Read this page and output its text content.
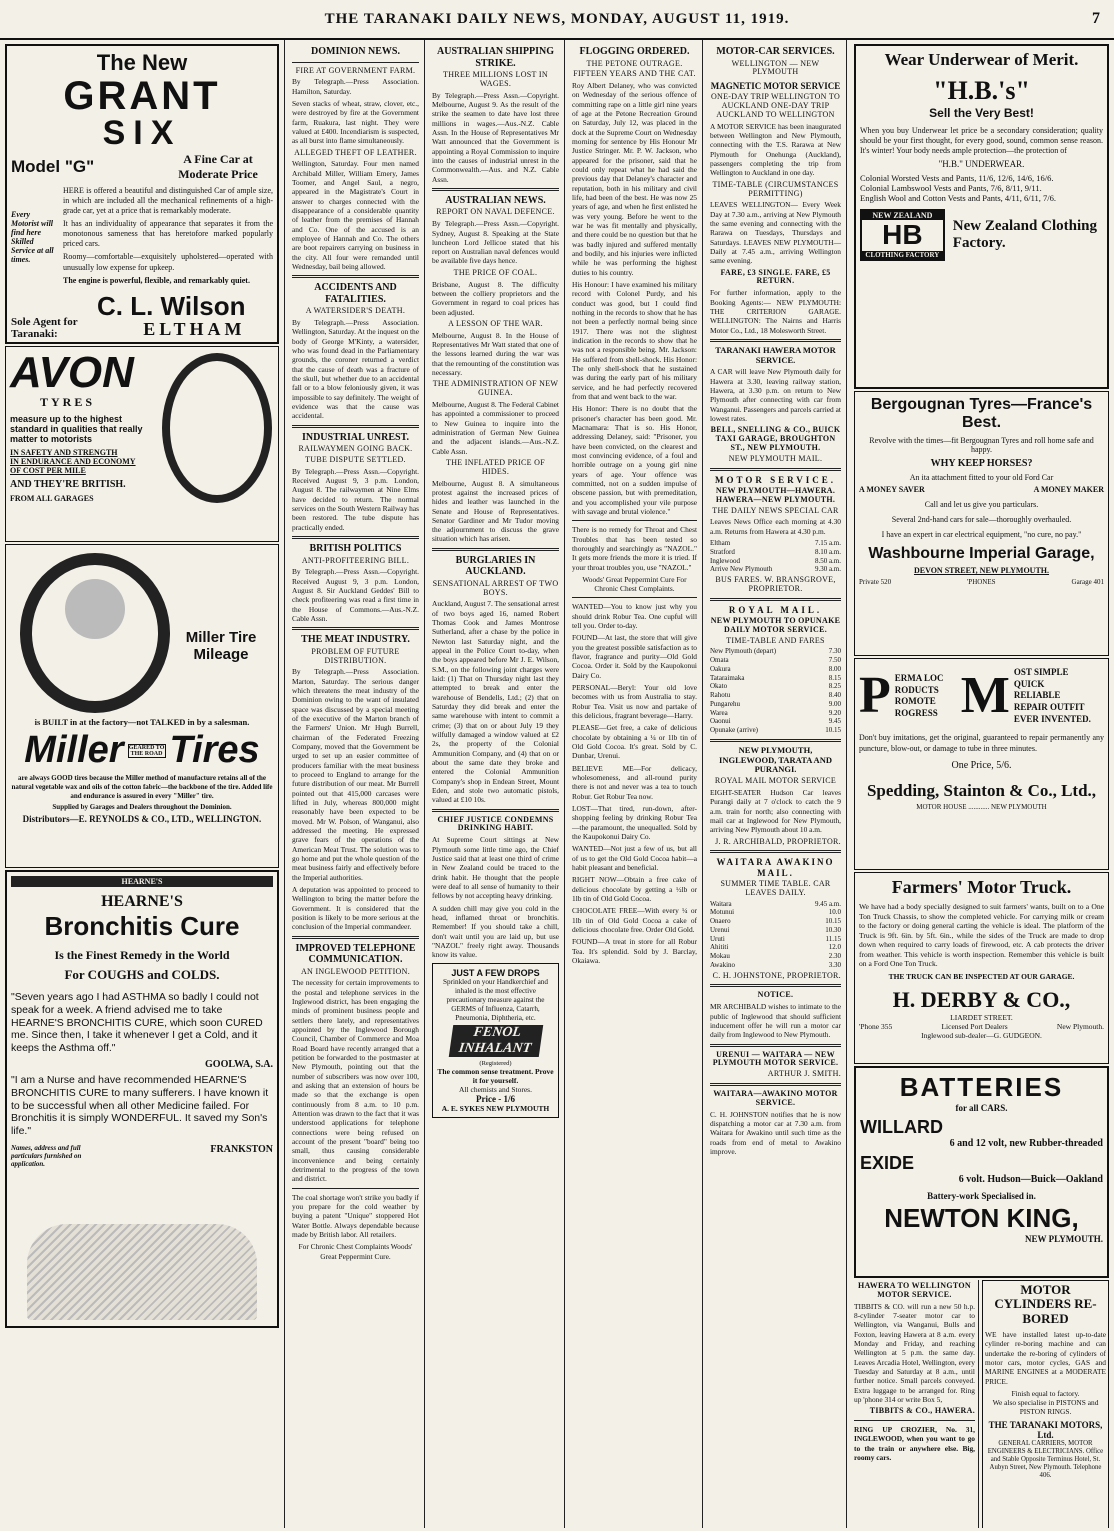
THE TARANAKI DAILY NEWS, MONDAY, AUGUST 11, 1919.	7
The New
GRANT
SIX
Model "G"	A Fine Car at Moderate Price
Every Motorist will find here Skilled Service at all times.
HERE is offered a beautiful and distinguished Car of ample size, in which are included all the mechanical refinements of a high-grade car, yet at a price that is remarkably moderate.
It has an individuality of appearance that separates it from the monotonous sameness that has heretofore marked popularly priced cars.
Roomy—comfortable—exquisitely upholstered—operated with unusually low expense for upkeep.
The engine is powerful, flexible, and remarkably quiet.
Sole Agent for Taranaki:
C. L. Wilson
ELTHAM
AVON
TYRES
measure up to the highest standard in qualities that really matter to motorists
IN SAFETY AND STRENGTH
IN ENDURANCE AND ECONOMY
OF COST PER MILE
AND THEY'RE BRITISH.
FROM ALL GARAGES
Miller Tire Mileage
is BUILT in at the factory—not TALKED in by a salesman.
Miller GEARED TO THE ROAD Tires
are always GOOD tires because the Miller method of manufacture retains all of the natural vegetable wax and oils of the cotton fabric—the backbone of the tire. Added life and endurance is assured in every "Miller" tire.
Supplied by Garages and Dealers throughout the Dominion.
Distributors—E. REYNOLDS & CO., LTD., WELLINGTON.
HEARNE'S
HEARNE'S
Bronchitis Cure
Is the Finest Remedy in the World
For COUGHS and COLDS.
"Seven years ago I had ASTHMA so badly I could not speak for a week. A friend advised me to take HEARNE'S BRONCHITIS CURE, which soon CURED me. Since then, I take it whenever I get a Cold, and it keeps the Asthma off."
GOOLWA, S.A.
"I am a Nurse and have recommended HEARNE'S BRONCHITIS CURE to many sufferers. I have known it to be successful when all other Medicine failed. For Bronchitis it is simply WONDERFUL. It saved my Son's life."
Names, address and full particulars furnished on application.
FRANKSTON
DOMINION NEWS.
FIRE AT GOVERNMENT FARM.
By Telegraph.—Press Association. Hamilton, Saturday.
Seven stacks of wheat, straw, clover, etc., were destroyed by fire at the Government farm, Ruakura, last night. They were valued at £400. Incendiarism is suspected, as all burst into flame simultaneously.
ALLEGED THEFT OF LEATHER.
Wellington, Saturday. Four men named Archibald Miller, William Emery, James Toomer, and Angel Saul, a negro, appeared in the Magistrate's Court in answer to charges connected with the disappearance of a considerable quantity of leather from the premises of Hannah and Co. One of the accused is an employee of Hannah and Co. The others are boot repairers carrying on business in the city. All four were remanded until Wednesday, bail being allowed.
ACCIDENTS AND FATALITIES.
A WATERSIDER'S DEATH.
By Telegraph.—Press Association. Wellington, Saturday. At the inquest on the body of George M'Kinty, a watersider, who was found dead in the Parliamentary grounds, the coroner returned a verdict that the cause of death was a fracture of the skull, but whether due to an accidental fall or to a blow feloniously given, it was impossible to say definitely. The weight of evidence was that the cause was accidental.
INDUSTRIAL UNREST.
RAILWAYMEN GOING BACK.
TUBE DISPUTE SETTLED.
By Telegraph.—Press Assn.—Copyright. Received August 9, 3 p.m. London, August 8. The railwaymen at Nine Elms have decided to return. The normal services on the South Western Railway has been restored. The tube dispute has practically ended.
BRITISH POLITICS
ANTI-PROFITEERING BILL.
By Telegraph.—Press Assn.—Copyright. Received August 9, 3 p.m. London, August 8. Sir Auckland Geddes' Bill to check profiteering was read a first time in the House of Commons.—Aus.-N.Z. Cable Assn.
THE MEAT INDUSTRY.
PROBLEM OF FUTURE DISTRIBUTION.
By Telegraph.—Press Association. Marton, Saturday. The serious danger which threatens the meat industry of the Dominion owing to the want of insulated space was discussed by a special meeting of the executive of the Marton branch of the Farmers' Union. Mr Hugh Burrell, chairman of the Federated Freezing Company, moved that the Government be urged to set up an easier committee of producers familiar with the meat business to proceed to England to arrange for the future distribution of our meat. Mr Burrell pointed out that 415,000 carcases were lifted in July, whereas 800,000 might reasonably have been expected to be moved. Mr W. Polson, of Wanganui, also addressed the meeting. He expressed grave fears of the operations of the American Meat Trust. The solution was to go home and put the whole question of the meat business fairly and effectively before the Imperial authorities.
A deputation was appointed to proceed to Wellington to bring the matter before the Government. It is considered that the position is likely to be more serious at the conclusion of the Imperial commandeer.
IMPROVED TELEPHONE COMMUNICATION.
AN INGLEWOOD PETITION.
The necessity for certain improvements to the postal and telephone services in the Inglewood district, has been engaging the minds of prominent business people and settlers there lately, and representatives appointed by the Inglewood Borough Council, Chamber of Commerce and Moa Road Board have recently arranged that a petition be forwarded to the postmaster at New Plymouth, pointing out that the number of subscribers was now over 100, and asking that an extension of hours be made so that the exchange is open continuously from 8 a.m. to 10 p.m. Attention was drawn to the fact that it was understood applications for telephone connections were being refused on account of the present "board" being too small, thus causing considerable inconvenience and being certainly detrimental to the progress of the town and district.
The coal shortage won't strike you badly if you prepare for the cold weather by buying a patent "Unique" stoppered Hot Water Bottle. Always dependable because made by British labor. All retailers.
For Chronic Chest Complaints Woods' Great Peppermint Cure.
AUSTRALIAN SHIPPING STRIKE.
THREE MILLIONS LOST IN WAGES.
By Telegraph.—Press Assn.—Copyright. Melbourne, August 9. As the result of the strike the seamen to date have lost three millions in wages.—Aus.-N.Z. Cable Assn. In the House of Representatives Mr Watt announced that the Government is appointing a Royal Commission to inquire into the causes of industrial unrest in the Commonwealth.—Aus. and N.Z. Cable Assn.
AUSTRALIAN NEWS.
REPORT ON NAVAL DEFENCE.
By Telegraph.—Press Assn.—Copyright. Sydney, August 8. Speaking at the State luncheon Lord Jellicoe stated that his report on Australian naval defences would be available five days hence.
THE PRICE OF COAL.
Brisbane, August 8. The difficulty between the colliery proprietors and the Government in regard to coal prices has been adjusted.
A LESSON OF THE WAR.
Melbourne, August 8. In the House of Representatives Mr Watt stated that one of the lessons learned during the war was that the remounting of the constitution was necessary.
THE ADMINISTRATION OF NEW GUINEA.
Melbourne, August 8. The Federal Cabinet has appointed a commissioner to proceed to New Guinea to inquire into the administration of German New Guinea and the adjacent islands.—Aus.-N.Z. Cable Assn.
THE INFLATED PRICE OF HIDES.
Melbourne, August 8. A simultaneous protest against the increased prices of hides and leather was launched in the Senate and House of Representatives. Senator Gardiner and Mr Tudor moving the adjournment to discuss the grave situation which has arisen.
BURGLARIES IN AUCKLAND.
SENSATIONAL ARREST OF TWO BOYS.
Auckland, August 7. The sensational arrest of two boys aged 16, named Robert Thomas Cook and James Montrose Sutherland, after a chase by the police in Newton last Saturday night, and the appeal in the Police Court to-day, when the boys appeared before Mr J. E. Wilson, S.M., on the following joint charges were laid: (1) That on Thursday night last they attempted to break and enter the warehouse of Bendells, Ltd.; (2) that on Saturday they did break and enter the same warehouse with intent to commit a crime; (3) that on or about July 19 they wilfully damaged a window valued at £2 2s, the property of the Colonial Ammunition Company, and (4) that on or about the same date they broke and entered the Colonial Ammunition Company's shop in Endean Street, Mount Eden, and stole two automatic pistols, valued at £10 10s.
CHIEF JUSTICE CONDEMNS DRINKING HABIT.
At Supreme Court sittings at New Plymouth some little time ago, the Chief Justice said that at least one third of crime in New Zealand could be traced to the drink habit. He thought that the people were deaf to all sense of humanity to their fellows by not accepting heavy drinking.
A sudden chill may give you cold in the head, inflamed throat or bronchitis. Remember! If you should take a chill, don't wait until you are laid up, but use "NAZOL" freely right away. Thousands know its value.
JUST A FEW DROPS
Sprinkled on your Handkerchief and inhaled is the most effective precautionary measure against the GERMS of Influenza, Catarrh, Pneumonia, Diphtheria, etc.
FENOL INHALANT
(Registered)
The common sense treatment. Prove it for yourself.
All chemists and Stores.
Price - 1/6
A. E. SYKES NEW PLYMOUTH
FLOGGING ORDERED.
THE PETONE OUTRAGE.
FIFTEEN YEARS AND THE CAT.
Roy Albert Delaney, who was convicted on Wednesday of the serious offence of committing rape on a little girl nine years of age at the Petone Recreation Ground on Saturday, July 12, was placed in the dock at the Supreme Court on Wednesday morning for sentence by His Honour Mr Justice Stringer. Mr. P. W. Jackson, who appeared for the prisoner, said that he could only repeat what he had said the previous day that Delaney's character and reputation, both in his military and civil life, had been of the best. He was now 25 years of age, and when he first enlisted he was very young. Before he went to the war he was fit mentally and physically, and there could be no question but that he was badly injured and suffered mentally and bodily, and his injuries were inflicted while he was performing the highest duties to his country.
His Honour: I have examined his military record with Colonel Purdy, and his conduct was good, but I could find nothing in the records to show that he has not been a perfectly normal being since 1917. There was not the slightest indication in the records to show that he was not a responsible being. Mr. Jackson: He suffered from shell-shock. His Honor: The only shell-shock that he sustained was during the early part of his military service, and he had perfectly recovered from that and went back to the war.
His Honor: There is no doubt that the prisoner's character has been good. Mr. Macnamara: That is so. His Honor, addressing Delaney, said: "Prisoner, you have been convicted, on the clearest and most convincing evidence, of a foul and horrible outrage on a young girl nine years of age. Your offence was committed, not on a sudden impulse of obscene passion, but with premeditation, and you accomplished your vile purpose with savage and brutal violence."
There is no remedy for Throat and Chest Troubles that has been tested so thoroughly and searchingly as "NAZOL." It gets more friends the more it is tried. If your throat troubles you, use "NAZOL."
Woods' Great Peppermint Cure For Chronic Chest Complaints.
WANTED—You to know just why you should drink Robur Tea. One cupful will tell you. Order to-day.
FOUND—At last, the store that will give you the greatest possible satisfaction as to flavor, fragrance and purity—Old Gold Cocoa. Order it. Sold by the Kaupokonui Dairy Co.
PERSONAL—Beryl: Your old love becomes with us from Australia to stay. Robur Tea. Visit us now and partake of this delicious, fragrant beverage—Harry.
PLEASE—Get free, a cake of delicious chocolate by obtaining a ¼ or 1lb tin of Old Gold Cocoa. It's great. Sold by C. Dunbar, Urenui.
BELIEVE ME—For delicacy, wholesomeness, and all-round purity there is not and never was a tea to touch Robur. Get Robur Tea now.
LOST—That tired, run-down, after-shopping feeling by drinking Robur Tea—the paramount, the unequalled. Sold by the Kaupokonui Dairy Co.
WANTED—Not just a few of us, but all of us to get the Old Gold Cocoa habit—a habit pleasant and beneficial.
RIGHT NOW—Obtain a free cake of delicious chocolate by getting a ½lb or 1lb tin of Old Gold Cocoa.
CHOCOLATE FREE—With every ¼ or 1lb tin of Old Gold Cocoa a cake of delicious chocolate free. Order Old Gold.
FOUND—A treat in store for all Robur Tea. It's splendid. Sold by J. Barclay, Okaiawa.
MOTOR-CAR SERVICES.
WELLINGTON — NEW PLYMOUTH
MAGNETIC MOTOR SERVICE
ONE-DAY TRIP WELLINGTON TO AUCKLAND ONE-DAY TRIP AUCKLAND TO WELLINGTON
A MOTOR SERVICE has been inaugurated between Wellington and New Plymouth, connecting with the T.S. Rarawa at New Plymouth for Onehunga (Auckland), passengers completing the trip from Wellington to Auckland in one day.
TIME-TABLE (CIRCUMSTANCES PERMITTING)
LEAVES WELLINGTON— Every Week Day at 7.30 a.m., arriving at New Plymouth the same evening and connecting with the Rarawa on Tuesdays, Thursdays and Saturdays. LEAVES NEW PLYMOUTH— Daily at 7.45 a.m., arriving Wellington same evening.
FARE, £3 SINGLE. FARE, £5 RETURN.
For further information, apply to the Booking Agents:— NEW PLYMOUTH: THE CRITERION GARAGE. WELLINGTON: The Nairns and Harris Motor Co., Ltd., 18 Molesworth Street.
TARANAKI HAWERA MOTOR SERVICE.
A CAR will leave New Plymouth daily for Hawera at 3.30, leaving railway station, Hawera, at 3.30 p.m. on return to New Plymouth after connecting with car from Wanganui. Passengers and parcels carried at lowest rates.
BELL, SNELLING & CO., BUICK TAXI GARAGE, BROUGHTON ST., NEW PLYMOUTH.
NEW PLYMOUTH MAIL.
MOTOR SERVICE.
NEW PLYMOUTH—HAWERA. HAWERA—NEW PLYMOUTH.
THE DAILY NEWS SPECIAL CAR
Leaves News Office each morning at 4.30 a.m. Returns from Hawera at 4.30 p.m.
Eltham	7.15 a.m.
Stratford	8.10 a.m.
Inglewood	8.50 a.m.
Arrive New Plymouth	9.30 a.m.
BUS FARES. W. BRANSGROVE, PROPRIETOR.
ROYAL MAIL.
NEW PLYMOUTH TO OPUNAKE DAILY MOTOR SERVICE.
TIME-TABLE AND FARES
New Plymouth (depart)	7.30
Omata	7.50
Oakura	8.00
Tataraimaka	8.15
Okato	8.25
Rahotu	8.40
Pungarehu	9.00
Warea	9.20
Oaonui	9.45
Opunake (arrive)	10.15
NEW PLYMOUTH, INGLEWOOD, TARATA AND PURANGI.
ROYAL MAIL MOTOR SERVICE
EIGHT-SEATER Hudson Car leaves Purangi daily at 7 o'clock to catch the 9 a.m. train for north; also connecting with mail car at Inglewood for New Plymouth, arriving New Plymouth about 10 a.m.
J. R. ARCHIBALD, PROPRIETOR.
WAITARA AWAKINO MAIL.
SUMMER TIME TABLE. CAR LEAVES DAILY.
Waitara	9.45 a.m.
Motunui	10.0
Onaero	10.15
Urenui	10.30
Uruti	11.15
Ahititi	12.0
Mokau	2.30
Awakino	3.30
C. H. JOHNSTONE, PROPRIETOR.
NOTICE.
MR ARCHIBALD wishes to intimate to the public of Inglewood that should sufficient inducement offer he will run a motor car daily from Inglewood to New Plymouth.
URENUI — WAITARA — NEW PLYMOUTH MOTOR SERVICE.
ARTHUR J. SMITH.
WAITARA—AWAKINO MOTOR SERVICE.
C. H. JOHNSTON notifies that he is now dispatching a motor car at 7.30 a.m. from Waitara for Awakino until such time as the roads from end of metal to Awakino improve.
Wear Underwear of Merit.
"H.B.'s"
Sell the Very Best!
When you buy Underwear let price be a secondary consideration; quality should be your first thought, for every good, sound, common sense reason. It's winter! Your body needs ample protection—the protection of
"H.B." UNDERWEAR.
Colonial Worsted Vests and Pants, 11/6, 12/6, 14/6, 16/6.
Colonial Lambswool Vests and Pants, 7/6, 8/11, 9/11.
English Wool and Cotton Vests and Pants, 4/11, 6/11, 7/6.
NEW ZEALAND
HB
CLOTHING FACTORY
New Zealand Clothing Factory.
Bergougnan Tyres—France's Best.
Revolve with the times—fit Bergougnan Tyres and roll home safe and happy.
WHY KEEP HORSES?
An ita attachment fitted to your old Ford Car
A MONEY SAVER	A MONEY MAKER
Call and let us give you particulars.
Several 2nd-hand cars for sale—thoroughly overhauled.
I have an expert in car electrical equipment, "no cure, no pay."
Washbourne Imperial Garage,
DEVON STREET, NEW PLYMOUTH.
Private 520	'PHONES	Garage 401
P ERMA LOC
RODUCTS
ROMOTE
ROGRESS M OST SIMPLE
QUICK
RELIABLE
REPAIR OUTFIT
EVER INVENTED.
Don't buy imitations, get the original, guaranteed to repair permanently any puncture, blow-out, or damage to tube in three minutes.
One Price, 5/6.
Spedding, Stainton & Co., Ltd.,
MOTOR HOUSE ............ NEW PLYMOUTH
Farmers' Motor Truck.
We have had a body specially designed to suit farmers' wants, built on to a One Ton Truck Chassis, to show the completed vehicle. For carrying milk or cream to the factory or doing general carting the vehicle is ideal. The platform of the Truck is 9ft. 6in. by 5ft. 6in., while the sides of the Truck are made to drop down when required to carry loads of firewood, etc. A cab protects the driver from weather. This vehicle is worth inspection. Remember this vehicle is built on a Ford One Ton Truck.
THE TRUCK CAN BE INSPECTED AT OUR GARAGE.
H. DERBY & CO.,
LIARDET STREET.
'Phone 355	Licensed Port Dealers	New Plymouth.
Inglewood sub-dealer—G. GUDGEON.
BATTERIES
for all CARS.
WILLARD
6 and 12 volt, new Rubber-threaded
EXIDE
6 volt. Hudson—Buick—Oakland
Battery-work Specialised in.
NEWTON KING,
NEW PLYMOUTH.
HAWERA TO WELLINGTON MOTOR SERVICE.
TIBBITS & CO. will run a new 50 h.p. 8-cylinder 7-seater motor car to Wellington, via Wanganui, Bulls and Foxton, leaving Hawera at 8 a.m. every Monday and Friday, and reaching Wellington at 5 p.m. the same day. Leaves Arcadia Hotel, Wellington, every Tuesday and Saturday at 8 a.m., until further notice. Small parcels conveyed. Extra luggage to be arranged for. Ring up 'phone 314 or write Box 5,
TIBBITS & CO., HAWERA.
RING UP CROZIER, No. 31, INGLEWOOD, when you want to go to the train or anywhere else. Big, roomy cars.
MOTOR CYLINDERS RE-BORED
WE have installed latest up-to-date cylinder re-boring machine and can undertake the re-boring of cylinders of motor cars, motor cycles, GAS and MARINE ENGINES at a MODERATE PRICE.
Finish equal to factory.
We also specialise in PISTONS and PISTON RINGS.
THE TARANAKI MOTORS, Ltd.
GENERAL CARRIERS, MOTOR ENGINEERS & ELECTRICIANS. Office and Stable Opposite Terminus Hotel, St. Aubyn Street, New Plymouth. Telephone 406.
